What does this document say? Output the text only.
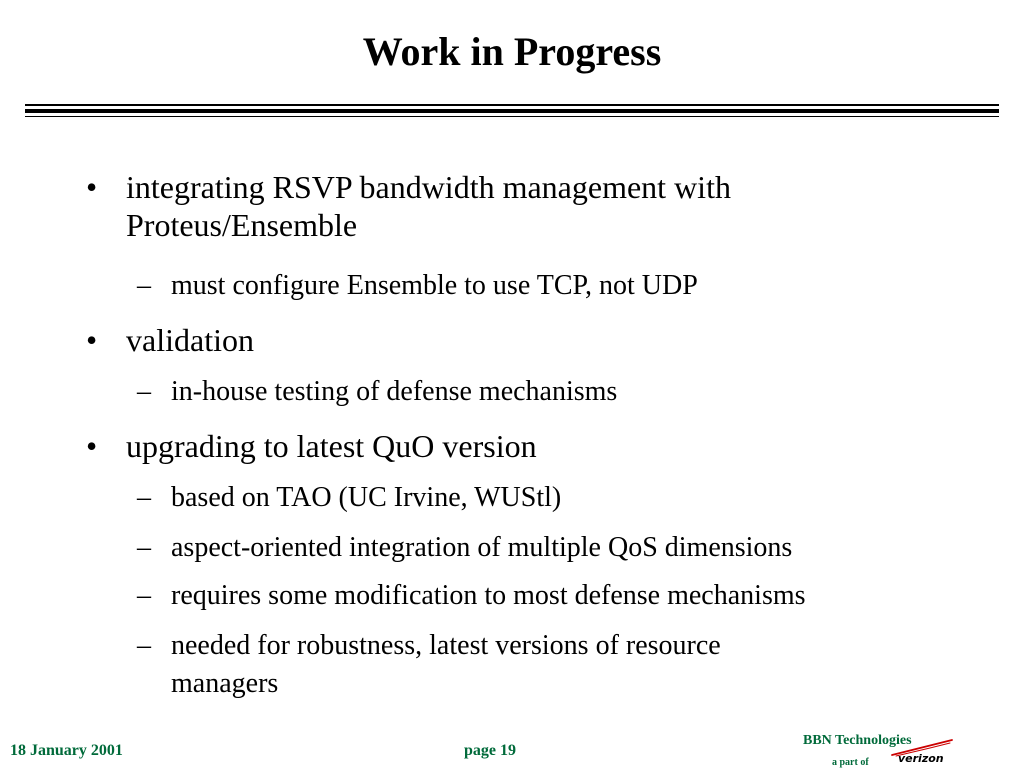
Work in Progress
• integrating RSVP bandwidth management with
Proteus/Ensemble
– must configure Ensemble to use TCP, not UDP
• validation
– in-house testing of defense mechanisms
• upgrading to latest QuO version
– based on TAO (UC Irvine, WUStl)
– aspect-oriented integration of multiple QoS dimensions
– requires some modification to most defense mechanisms
– needed for robustness, latest versions of resource
managers
18 January 2001	page 19
BBN Technologies
a part of	verizon
